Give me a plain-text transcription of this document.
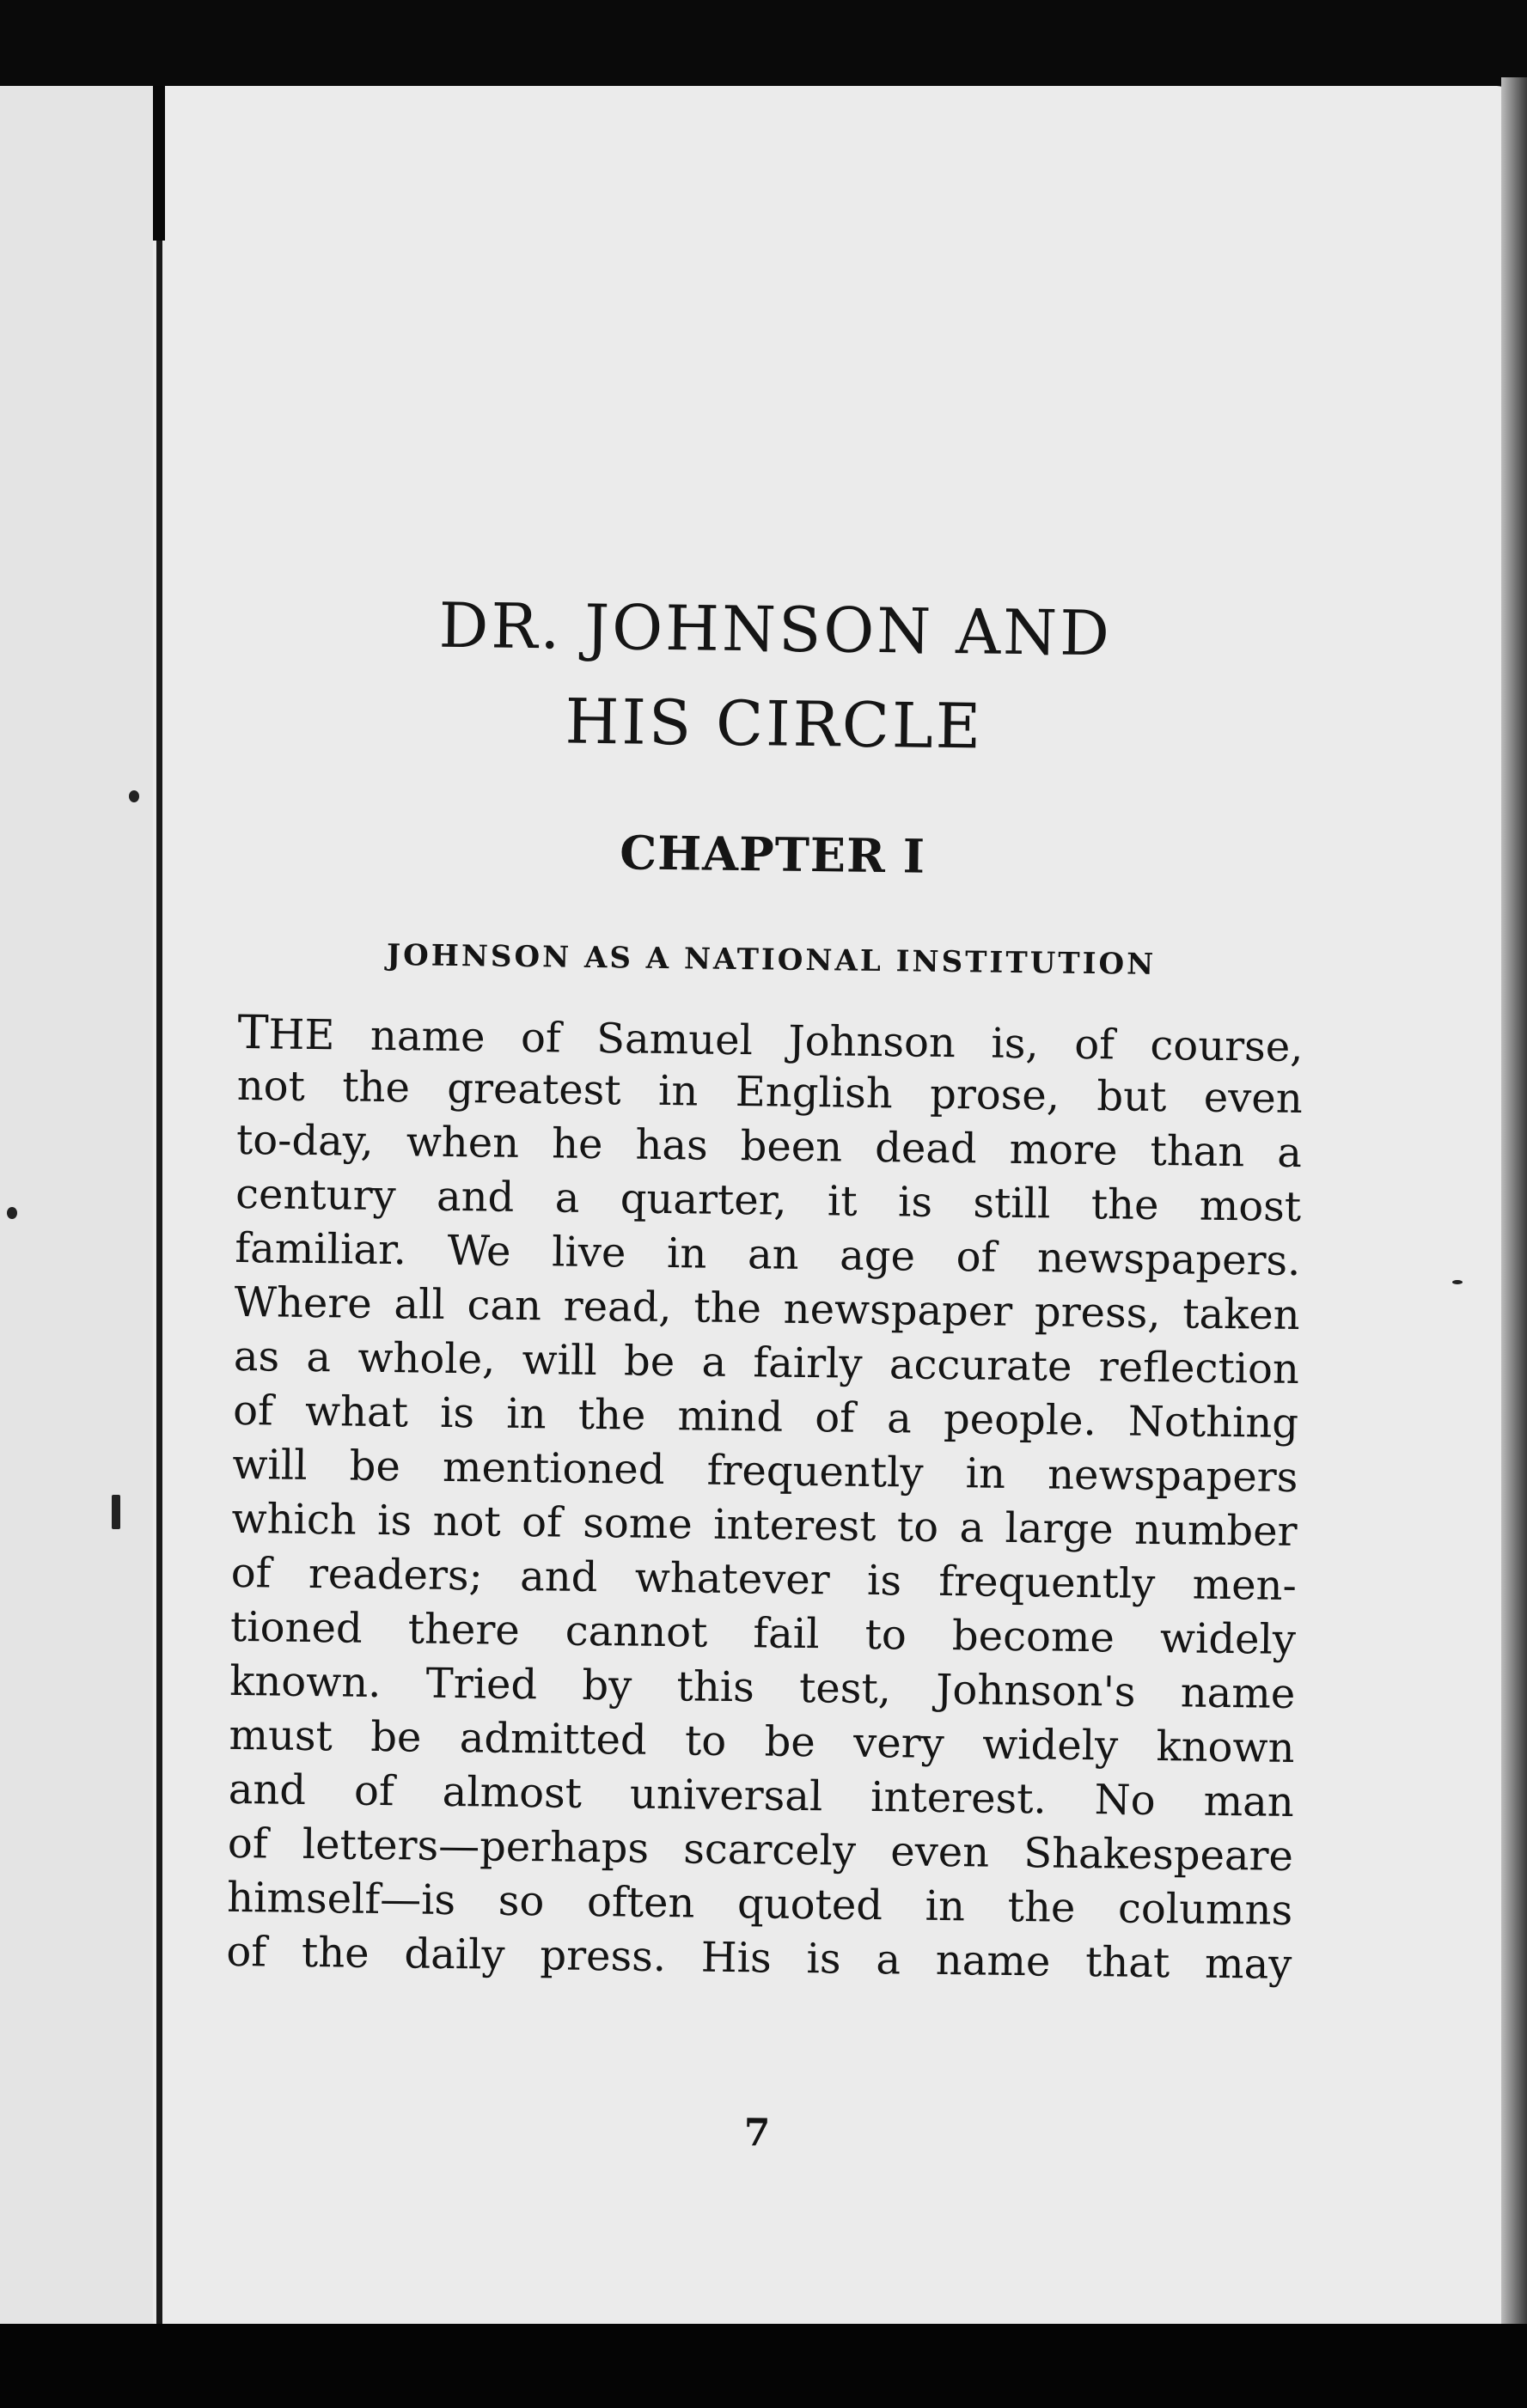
DR. JOHNSON AND
HIS CIRCLE
CHAPTER I
JOHNSON AS A NATIONAL INSTITUTION
THE name of Samuel Johnson is, of course,
not the greatest in English prose, but even
to-day, when he has been dead more than a
century and a quarter, it is still the most
familiar. We live in an age of newspapers.
Where all can read, the newspaper press, taken
as a whole, will be a fairly accurate reflection
of what is in the mind of a people. Nothing
will be mentioned frequently in newspapers
which is not of some interest to a large number
of readers; and whatever is frequently men-
tioned there cannot fail to become widely
known. Tried by this test, Johnson's name
must be admitted to be very widely known
and of almost universal interest. No man
of letters—perhaps scarcely even Shakespeare
himself—is so often quoted in the columns
of the daily press. His is a name that may
7
